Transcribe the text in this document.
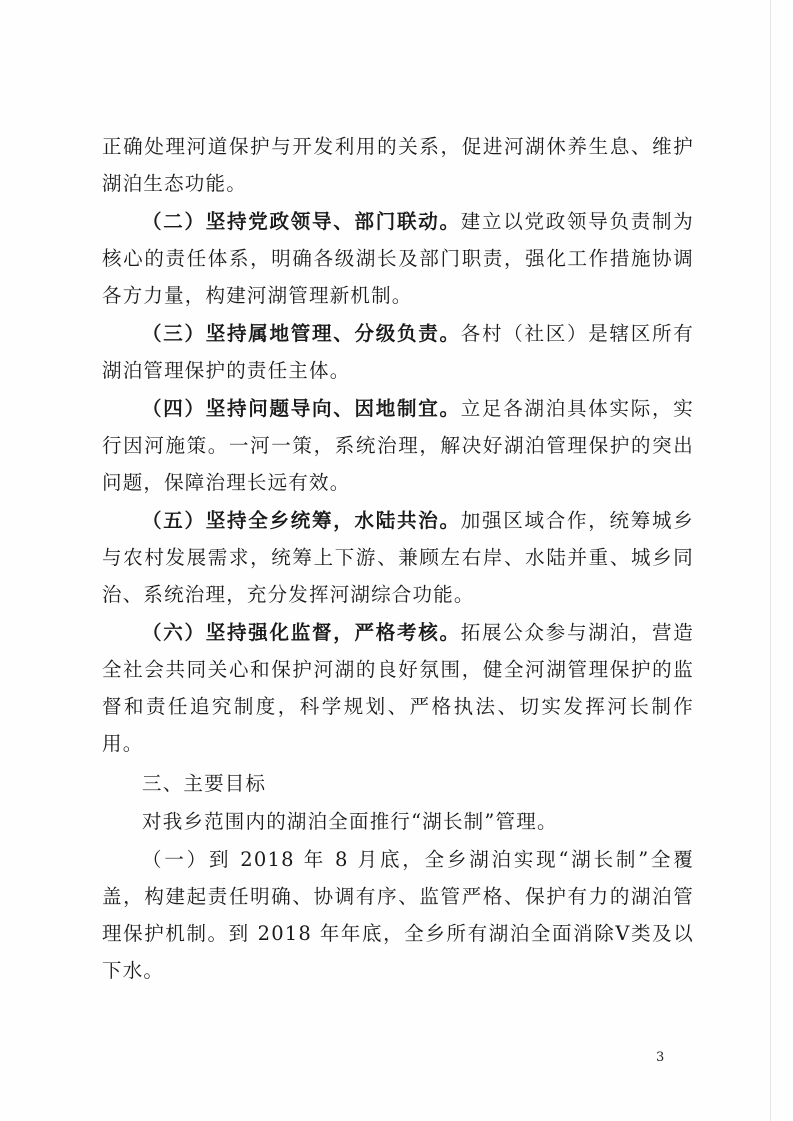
正确处理河道保护与开发利用的关系，促进河湖休养生息、维护湖泊生态功能。

（二）坚持党政领导、部门联动。建立以党政领导负责制为核心的责任体系，明确各级湖长及部门职责，强化工作措施协调各方力量，构建河湖管理新机制。

（三）坚持属地管理、分级负责。各村（社区）是辖区所有湖泊管理保护的责任主体。

（四）坚持问题导向、因地制宜。立足各湖泊具体实际，实行因河施策。一河一策，系统治理，解决好湖泊管理保护的突出问题，保障治理长远有效。

（五）坚持全乡统筹，水陆共治。加强区域合作，统筹城乡与农村发展需求，统筹上下游、兼顾左右岸、水陆并重、城乡同治、系统治理，充分发挥河湖综合功能。

（六）坚持强化监督，严格考核。拓展公众参与湖泊，营造全社会共同关心和保护河湖的良好氛围，健全河湖管理保护的监督和责任追究制度，科学规划、严格执法、切实发挥河长制作用。

三、主要目标

对我乡范围内的湖泊全面推行“湖长制”管理。

（一）到 2018 年 8 月底，全乡湖泊实现“湖长制”全覆盖，构建起责任明确、协调有序、监管严格、保护有力的湖泊管理保护机制。到 2018 年年底，全乡所有湖泊全面消除Ⅴ类及以下水。

3
